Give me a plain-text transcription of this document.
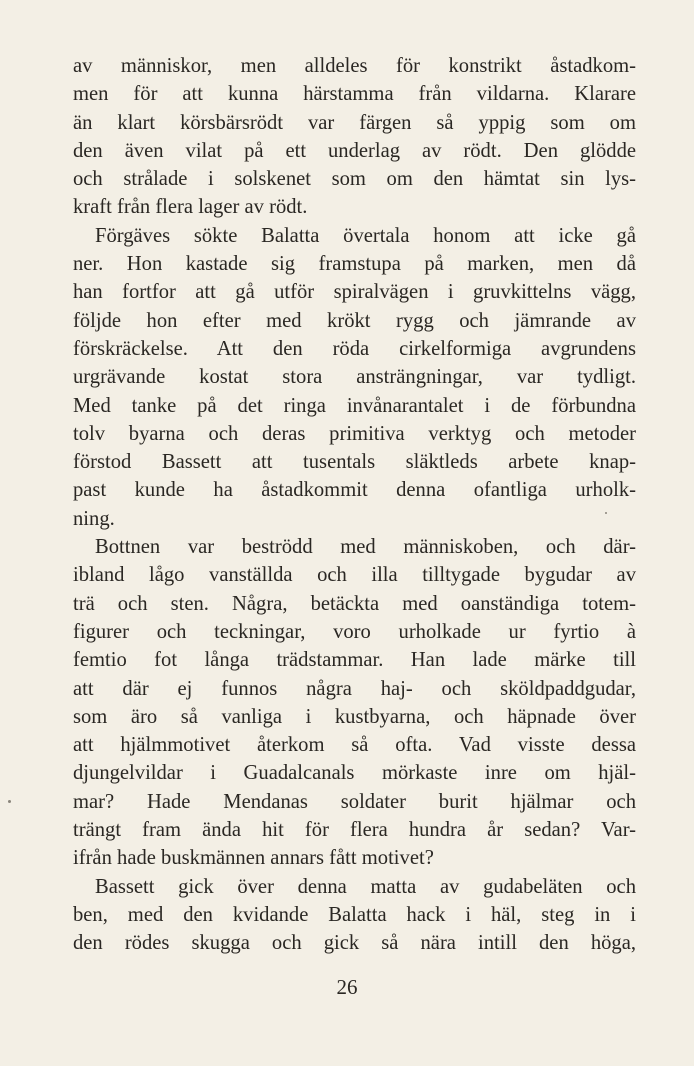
av människor, men alldeles för konstrikt åstadkom-
men för att kunna härstamma från vildarna. Klarare
än klart körsbärsrödt var färgen så yppig som om
den även vilat på ett underlag av rödt. Den glödde
och strålade i solskenet som om den hämtat sin lys-
kraft från flera lager av rödt.
Förgäves sökte Balatta övertala honom att icke gå
ner. Hon kastade sig framstupa på marken, men då
han fortfor att gå utför spiralvägen i gruvkittelns vägg,
följde hon efter med krökt rygg och jämrande av
förskräckelse. Att den röda cirkelformiga avgrundens
urgrävande kostat stora ansträngningar, var tydligt.
Med tanke på det ringa invånarantalet i de förbundna
tolv byarna och deras primitiva verktyg och metoder
förstod Bassett att tusentals släktleds arbete knap-
past kunde ha åstadkommit denna ofantliga urholk-
ning.
Bottnen var beströdd med människoben, och där-
ibland lågo vanställda och illa tilltygade bygudar av
trä och sten. Några, betäckta med oanständiga totem-
figurer och teckningar, voro urholkade ur fyrtio à
femtio fot långa trädstammar. Han lade märke till
att där ej funnos några haj- och sköldpaddgudar,
som äro så vanliga i kustbyarna, och häpnade över
att hjälmmotivet återkom så ofta. Vad visste dessa
djungelvildar i Guadalcanals mörkaste inre om hjäl-
mar? Hade Mendanas soldater burit hjälmar och
trängt fram ända hit för flera hundra år sedan? Var-
ifrån hade buskmännen annars fått motivet?
Bassett gick över denna matta av gudabeläten och
ben, med den kvidande Balatta hack i häl, steg in i
den rödes skugga och gick så nära intill den höga,
26
